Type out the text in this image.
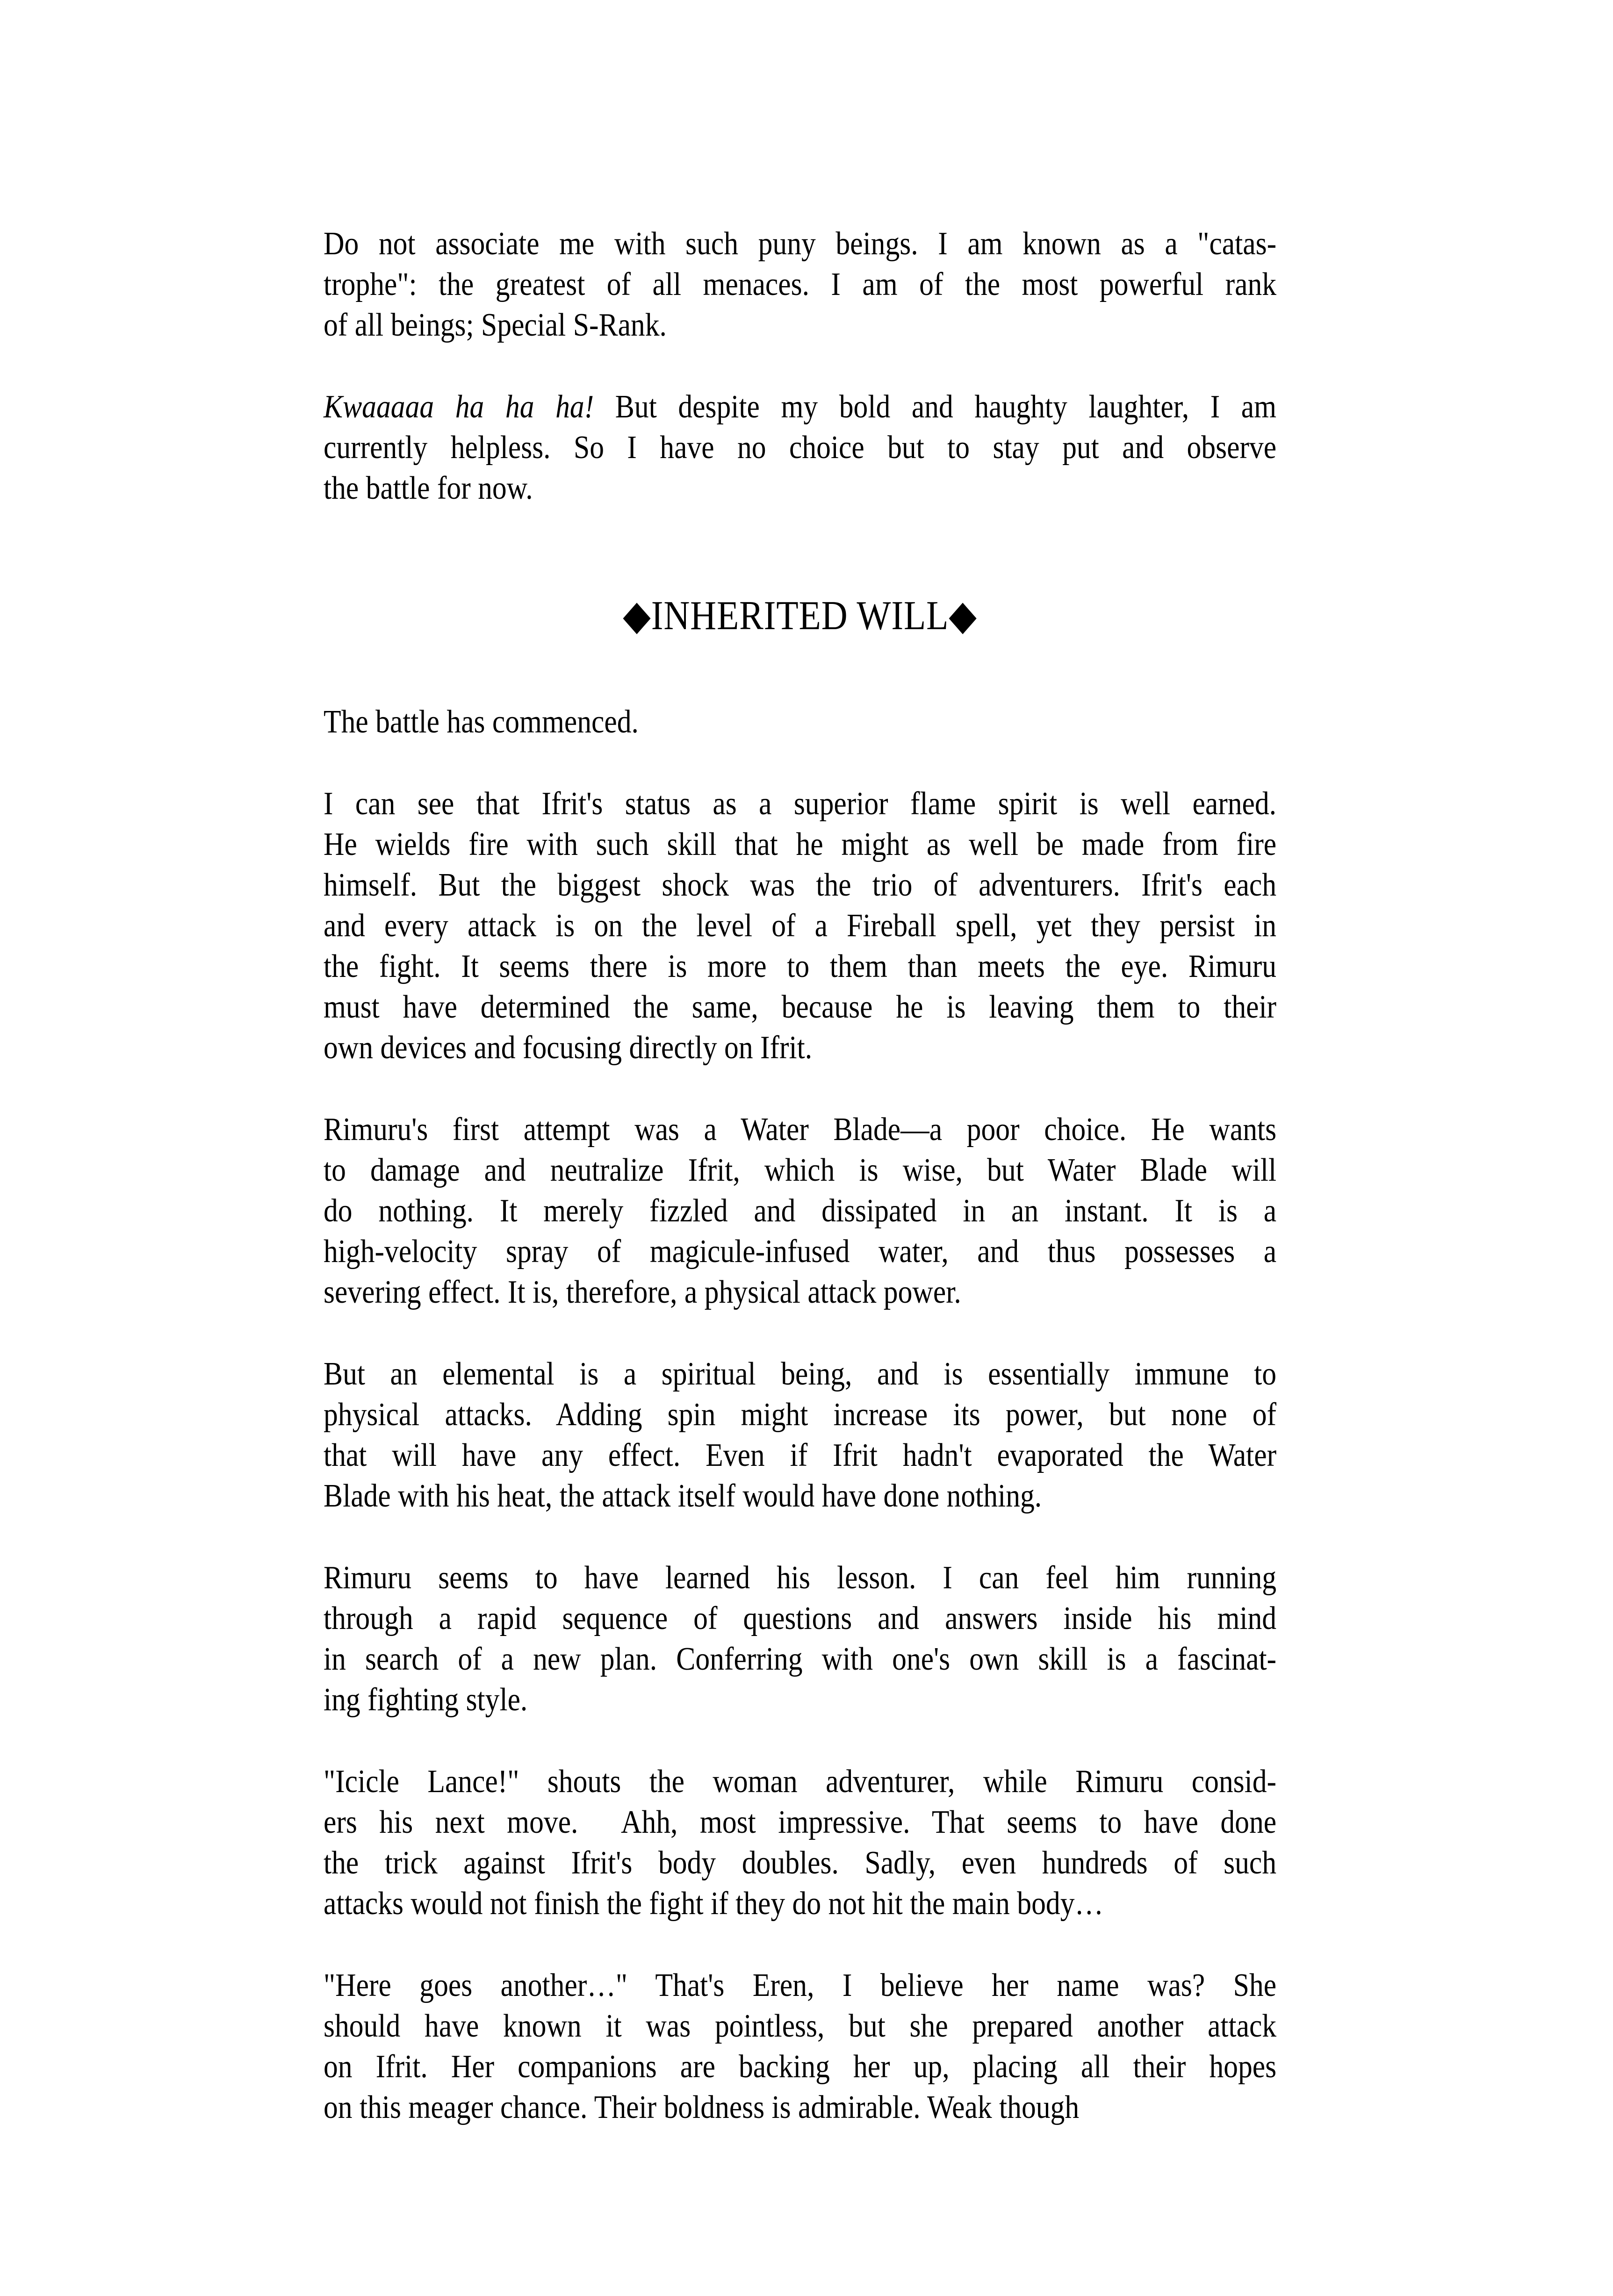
Do not associate me with such puny beings. I am known as a "catas-
trophe": the greatest of all menaces. I am of the most powerful rank
of all beings; Special S-Rank.
Kwaaaaa ha ha ha! But despite my bold and haughty laughter, I am
currently helpless. So I have no choice but to stay put and observe
the battle for now.
◆INHERITED WILL◆
The battle has commenced.
I can see that Ifrit's status as a superior flame spirit is well earned.
He wields fire with such skill that he might as well be made from fire
himself. But the biggest shock was the trio of adventurers. Ifrit's each
and every attack is on the level of a Fireball spell, yet they persist in
the fight. It seems there is more to them than meets the eye. Rimuru
must have determined the same, because he is leaving them to their
own devices and focusing directly on Ifrit.
Rimuru's first attempt was a Water Blade—a poor choice. He wants
to damage and neutralize Ifrit, which is wise, but Water Blade will
do nothing. It merely fizzled and dissipated in an instant. It is a
high-velocity spray of magicule-infused water, and thus possesses a
severing effect. It is, therefore, a physical attack power.
But an elemental is a spiritual being, and is essentially immune to
physical attacks. Adding spin might increase its power, but none of
that will have any effect. Even if Ifrit hadn't evaporated the Water
Blade with his heat, the attack itself would have done nothing.
Rimuru seems to have learned his lesson. I can feel him running
through a rapid sequence of questions and answers inside his mind
in search of a new plan. Conferring with one's own skill is a fascinat-
ing fighting style.
"Icicle Lance!" shouts the woman adventurer, while Rimuru consid-
ers his next move.  Ahh, most impressive. That seems to have done
the trick against Ifrit's body doubles. Sadly, even hundreds of such
attacks would not finish the fight if they do not hit the main body…
"Here goes another…" That's Eren, I believe her name was? She
should have known it was pointless, but she prepared another attack
on Ifrit. Her companions are backing her up, placing all their hopes
on this meager chance. Their boldness is admirable. Weak though
